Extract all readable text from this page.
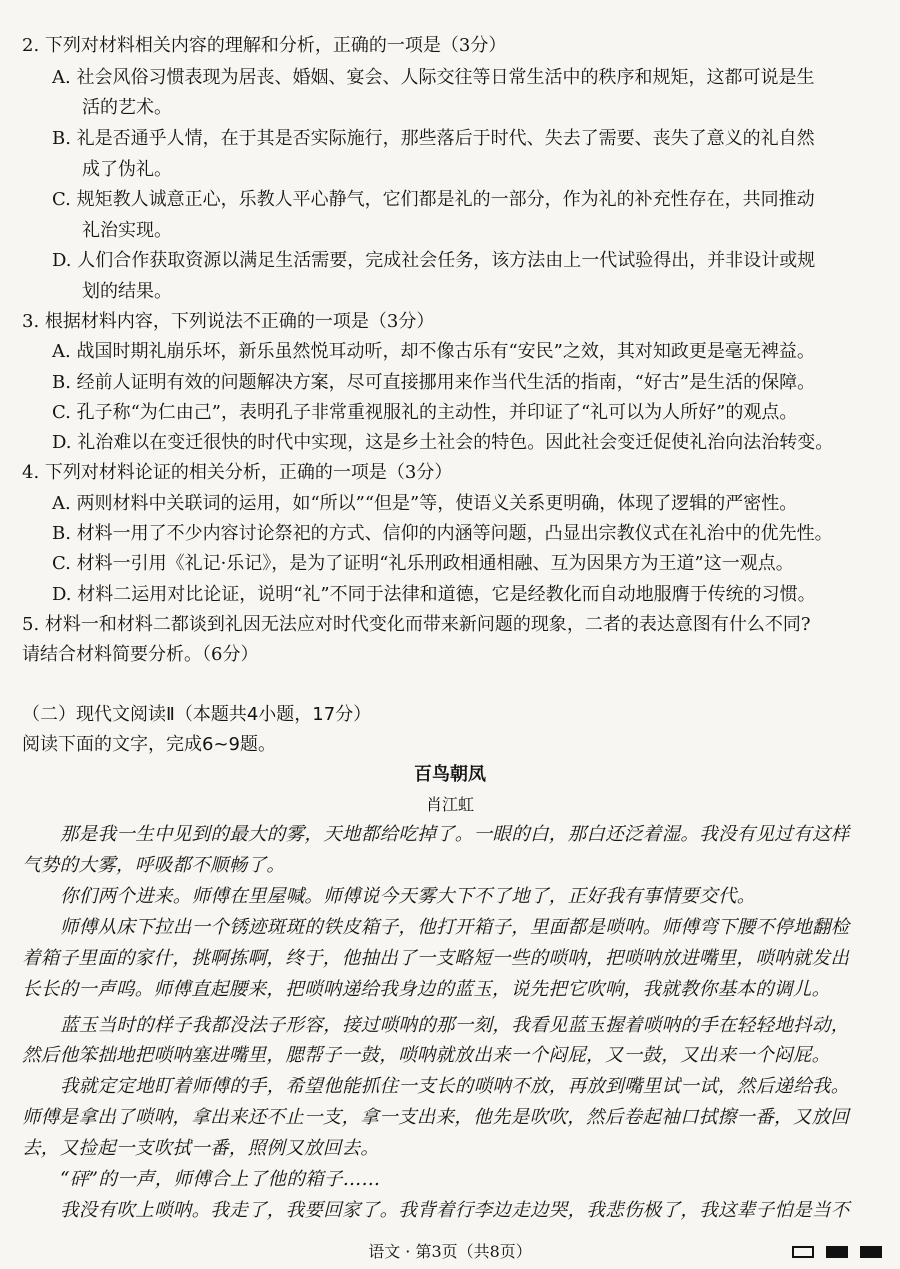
2. 下列对材料相关内容的理解和分析，正确的一项是（3分）
A. 社会风俗习惯表现为居丧、婚姻、宴会、人际交往等日常生活中的秩序和规矩，这都可说是生
活的艺术。
B. 礼是否通乎人情，在于其是否实际施行，那些落后于时代、失去了需要、丧失了意义的礼自然
成了伪礼。
C. 规矩教人诚意正心，乐教人平心静气，它们都是礼的一部分，作为礼的补充性存在，共同推动
礼治实现。
D. 人们合作获取资源以满足生活需要，完成社会任务，该方法由上一代试验得出，并非设计或规
划的结果。
3. 根据材料内容，下列说法不正确的一项是（3分）
A. 战国时期礼崩乐坏，新乐虽然悦耳动听，却不像古乐有“安民”之效，其对知政更是毫无裨益。
B. 经前人证明有效的问题解决方案，尽可直接挪用来作当代生活的指南，“好古”是生活的保障。
C. 孔子称“为仁由己”，表明孔子非常重视服礼的主动性，并印证了“礼可以为人所好”的观点。
D. 礼治难以在变迁很快的时代中实现，这是乡土社会的特色。因此社会变迁促使礼治向法治转变。
4. 下列对材料论证的相关分析，正确的一项是（3分）
A. 两则材料中关联词的运用，如“所以”“但是”等，使语义关系更明确，体现了逻辑的严密性。
B. 材料一用了不少内容讨论祭祀的方式、信仰的内涵等问题，凸显出宗教仪式在礼治中的优先性。
C. 材料一引用《礼记·乐记》，是为了证明“礼乐刑政相通相融、互为因果方为王道”这一观点。
D. 材料二运用对比论证，说明“礼”不同于法律和道德，它是经教化而自动地服膺于传统的习惯。
5. 材料一和材料二都谈到礼因无法应对时代变化而带来新问题的现象，二者的表达意图有什么不同?
请结合材料简要分析。（6分）
（二）现代文阅读Ⅱ（本题共4小题，17分）
阅读下面的文字，完成6~9题。
百鸟朝凤
肖江虹
那是我一生中见到的最大的雾，天地都给吃掉了。一眼的白，那白还泛着湿。我没有见过有这样
气势的大雾，呼吸都不顺畅了。
你们两个进来。师傅在里屋喊。师傅说今天雾大下不了地了，正好我有事情要交代。
师傅从床下拉出一个锈迹斑斑的铁皮箱子，他打开箱子，里面都是唢呐。师傅弯下腰不停地翻检
着箱子里面的家什，挑啊拣啊，终于，他抽出了一支略短一些的唢呐，把唢呐放进嘴里，唢呐就发出
长长的一声呜。师傅直起腰来，把唢呐递给我身边的蓝玉，说先把它吹响，我就教你基本的调儿。
蓝玉当时的样子我都没法子形容，接过唢呐的那一刻，我看见蓝玉握着唢呐的手在轻轻地抖动，
然后他笨拙地把唢呐塞进嘴里，腮帮子一鼓，唢呐就放出来一个闷屁，又一鼓，又出来一个闷屁。
我就定定地盯着师傅的手，希望他能抓住一支长的唢呐不放，再放到嘴里试一试，然后递给我。
师傅是拿出了唢呐，拿出来还不止一支，拿一支出来，他先是吹吹，然后卷起袖口拭擦一番，又放回
去，又捡起一支吹拭一番，照例又放回去。
“砰”的一声，师傅合上了他的箱子……
我没有吹上唢呐。我走了，我要回家了。我背着行李边走边哭，我悲伤极了，我这辈子怕是当不
语文 · 第3页（共8页）
